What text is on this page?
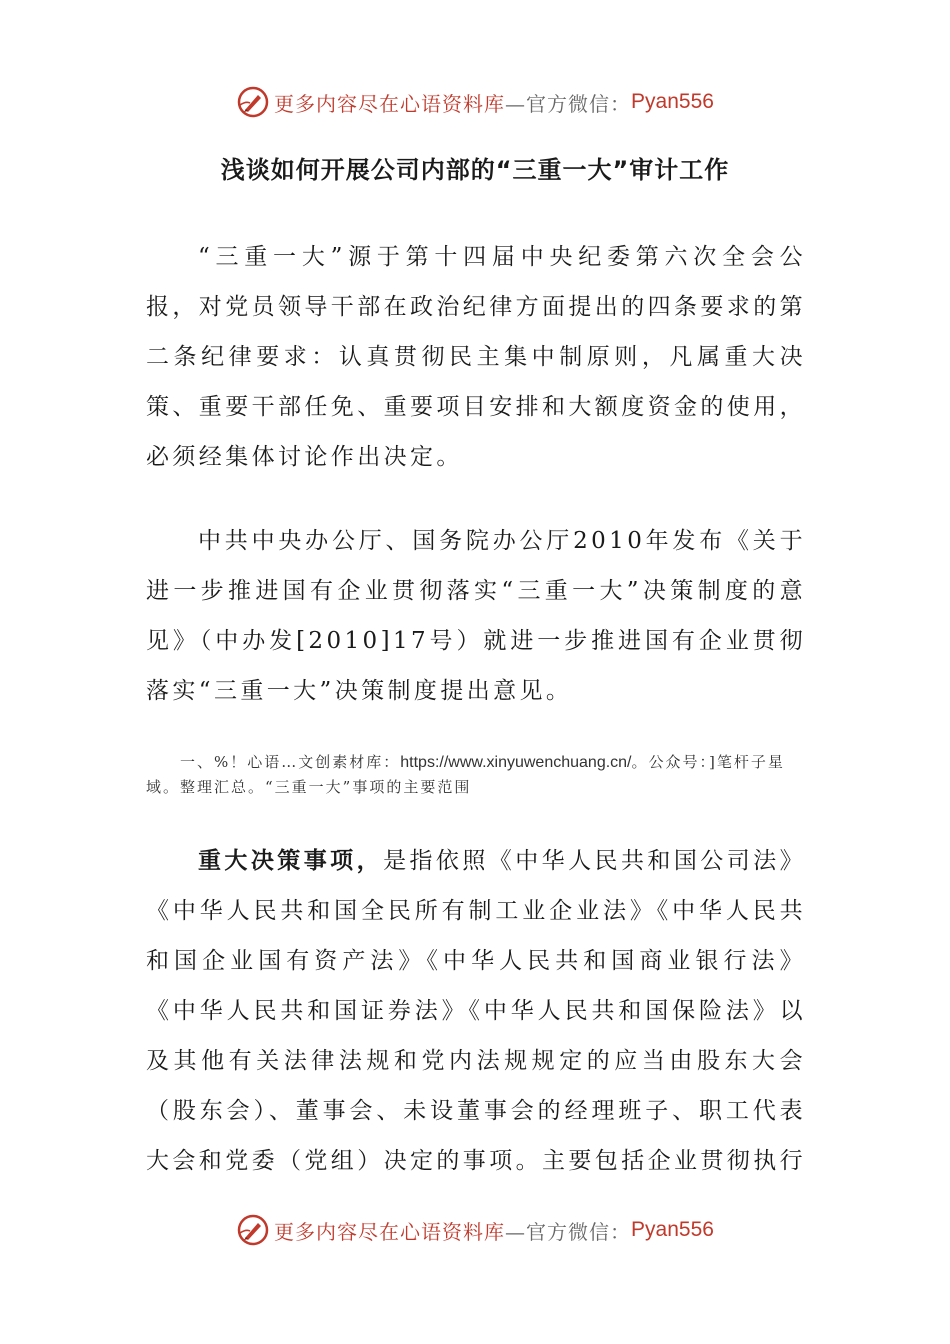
更多内容尽在心语资料库 —官方微信： Pyan556
浅谈如何开展公司内部的“三重一大”审计工作

“三重一大”源于第十四届中央纪委第六次全会公报，对党员领导干部在政治纪律方面提出的四条要求的第二条纪律要求：认真贯彻民主集中制原则，凡属重大决策、重要干部任免、重要项目安排和大额度资金的使用，必须经集体讨论作出决定。

中共中央办公厅、国务院办公厅2010年发布《关于进一步推进国有企业贯彻落实“三重一大”决策制度的意见》（中办发[2010]17号）就进一步推进国有企业贯彻落实“三重一大”决策制度提出意见。

一、%！心语…文创素材库：https://www.xinyuwenchuang.cn/。公众号：]笔杆子星域。整理汇总。“三重一大”事项的主要范围

重大决策事项，是指依照《中华人民共和国公司法》《中华人民共和国全民所有制工业企业法》《中华人民共和国企业国有资产法》《中华人民共和国商业银行法》《中华人民共和国证券法》《中华人民共和国保险法》以及其他有关法律法规和党内法规规定的应当由股东大会（股东会）、董事会、未设董事会的经理班子、职工代表大会和党委（党组）决定的事项。主要包括企业贯彻执行

更多内容尽在心语资料库 —官方微信： Pyan556
